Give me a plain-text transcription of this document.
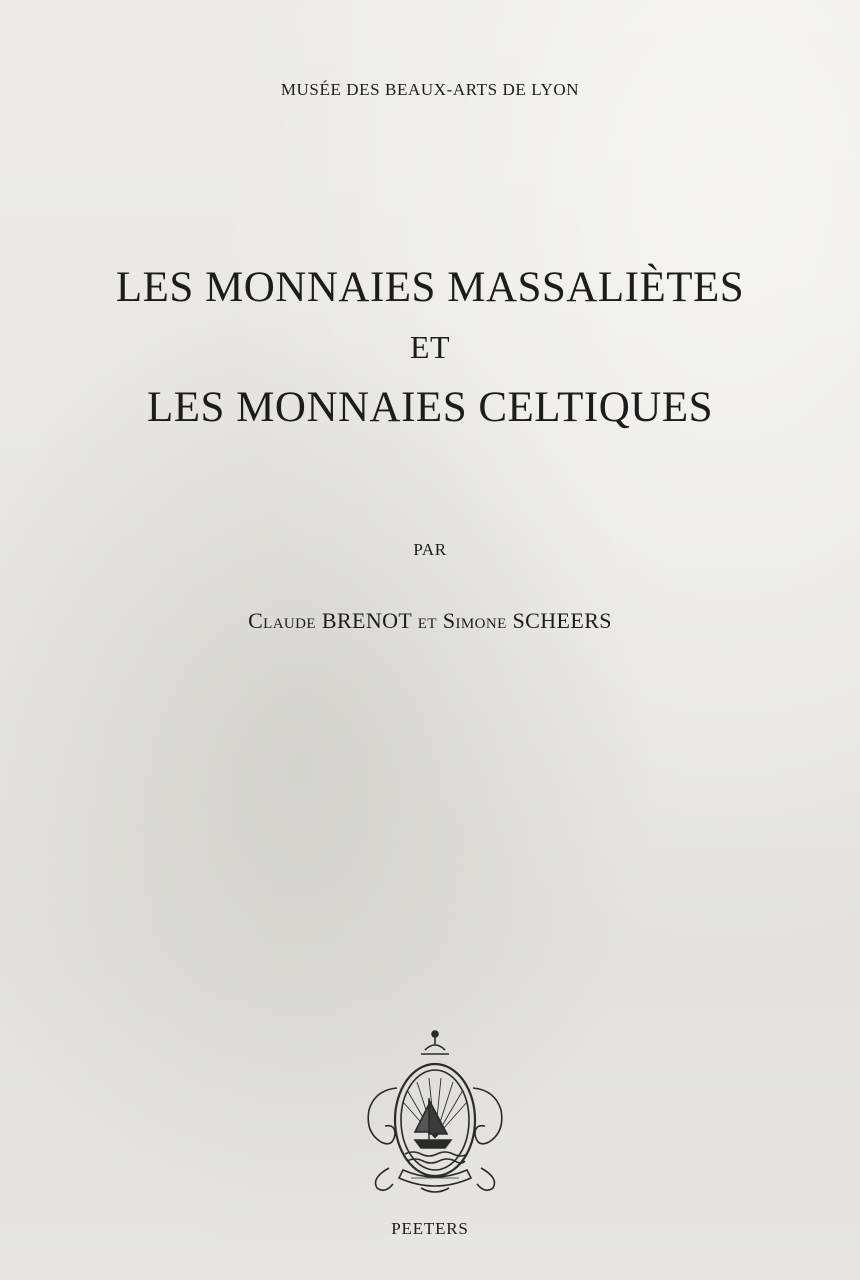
MUSÉE DES BEAUX-ARTS DE LYON
LES MONNAIES MASSALIÈTES
ET
LES MONNAIES CELTIQUES
PAR
Claude BRENOT et Simone SCHEERS
PEETERS
